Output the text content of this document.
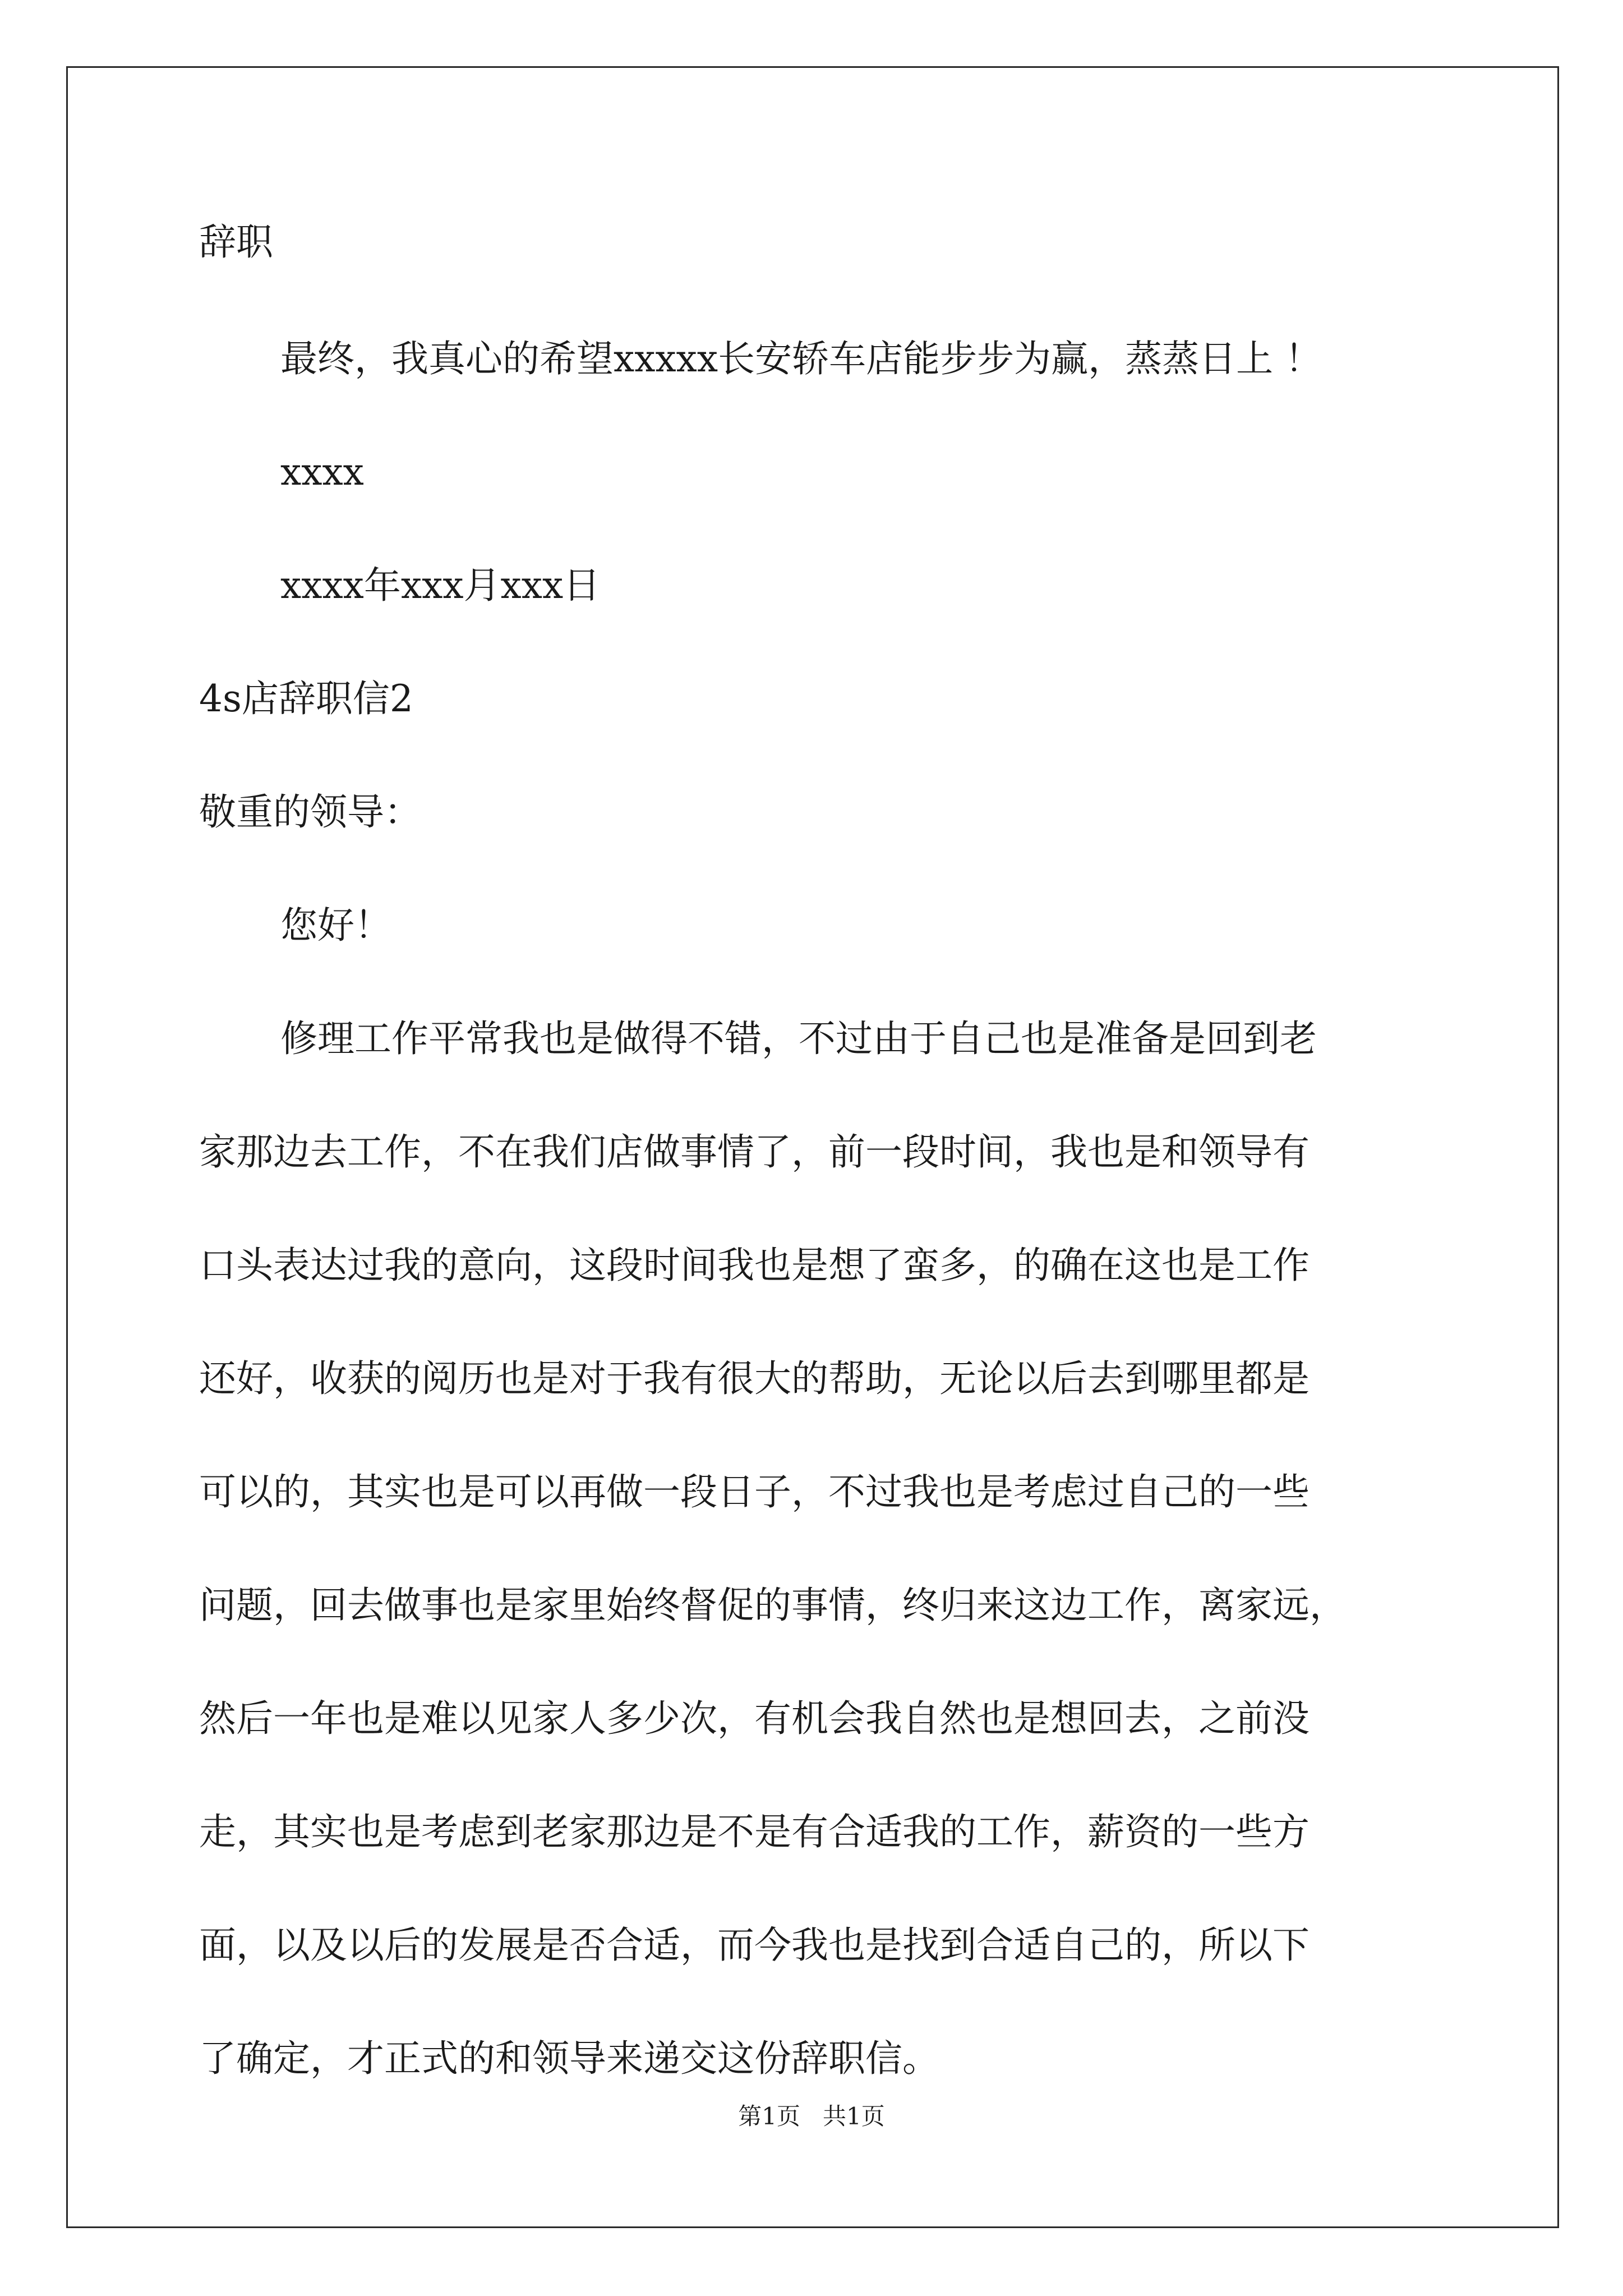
辞职

最终，我真心的希望xxxxx长安轿车店能步步为赢，蒸蒸日上 ！

xxxx

xxxx年xxx月xxx日

4s店辞职信2

敬重的领导：

您好！

修理工作平常我也是做得不错，不过由于自己也是准备是回到老

家那边去工作，不在我们店做事情了，前一段时间，我也是和领导有

口头表达过我的意向，这段时间我也是想了蛮多，的确在这也是工作

还好，收获的阅历也是对于我有很大的帮助，无论以后去到哪里都是

可以的，其实也是可以再做一段日子，不过我也是考虑过自己的一些

问题，回去做事也是家里始终督促的事情，终归来这边工作，离家远，

然后一年也是难以见家人多少次，有机会我自然也是想回去，之前没

走，其实也是考虑到老家那边是不是有合适我的工作，薪资的一些方

面，以及以后的发展是否合适，而今我也是找到合适自己的，所以下

了确定，才正式的和领导来递交这份辞职信。

第1页   共1页
